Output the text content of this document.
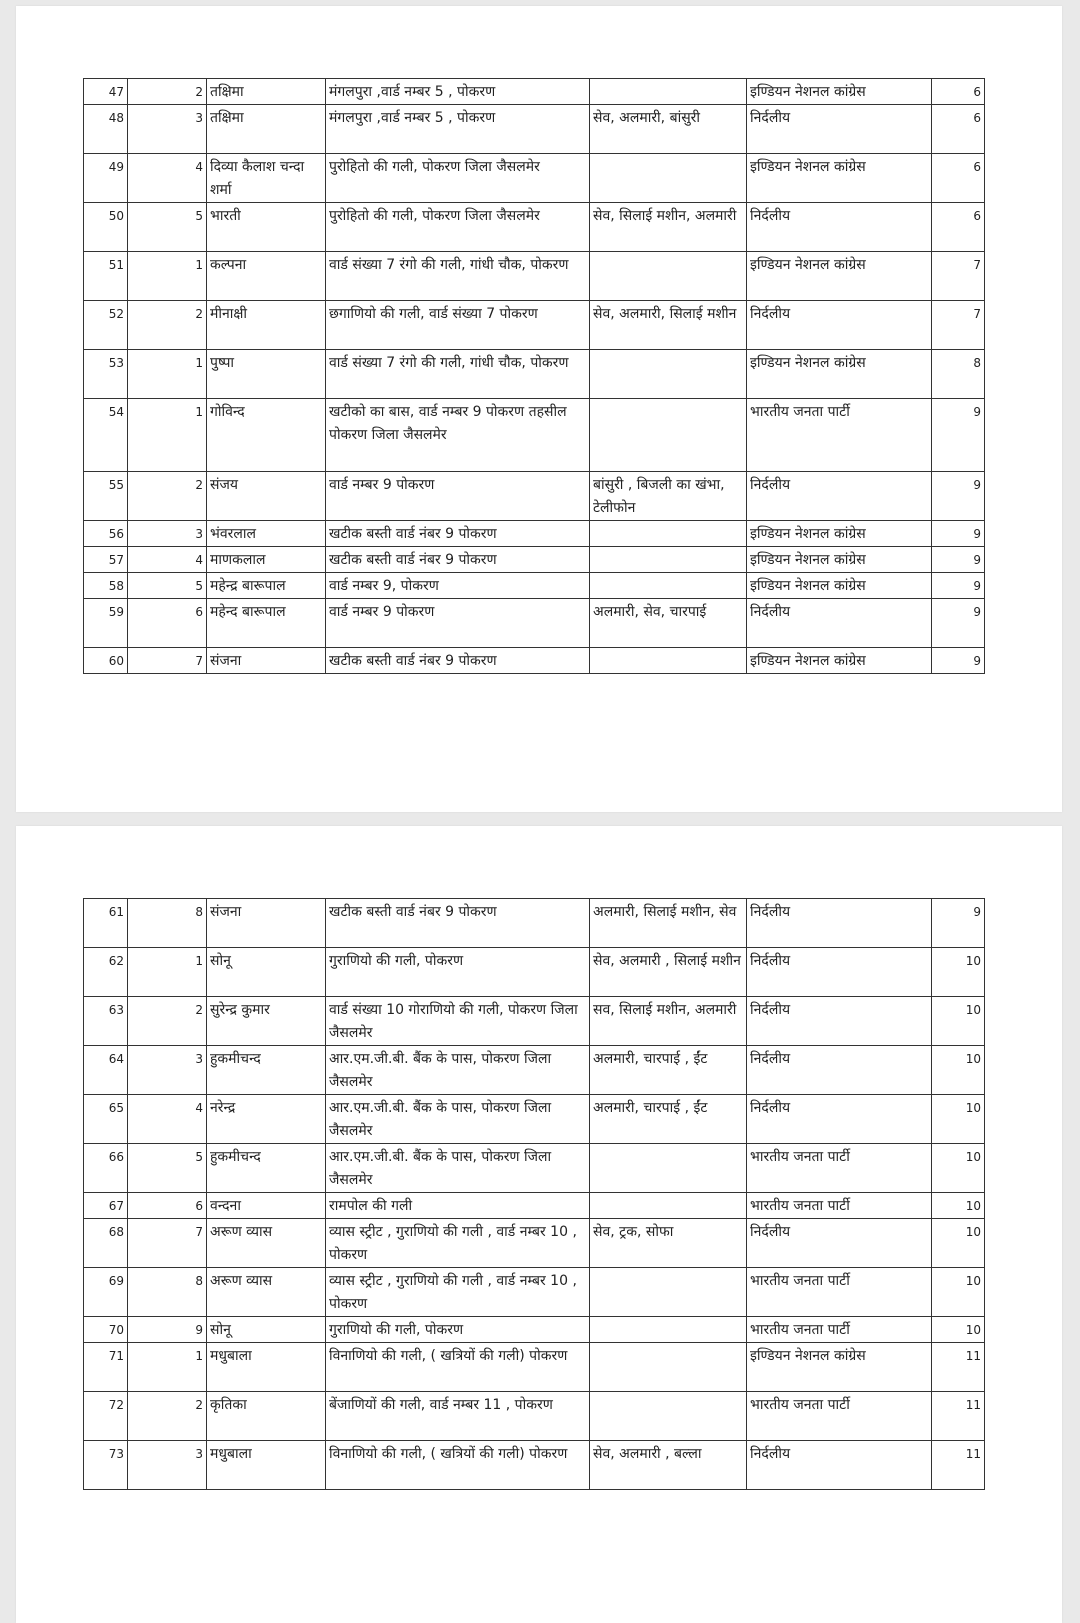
47	2	तक्षिमा	मंगलपुरा ,वार्ड नम्बर 5 , पोकरण		इण्डियन नेशनल कांग्रेस	6
48	3	तक्षिमा	मंगलपुरा ,वार्ड नम्बर 5 , पोकरण	सेव, अलमारी, बांसुरी	निर्दलीय	6
49	4	दिव्या कैलाश चन्दा शर्मा	पुरोहितो की गली, पोकरण जिला जैसलमेर		इण्डियन नेशनल कांग्रेस	6
50	5	भारती	पुरोहितो की गली, पोकरण जिला जैसलमेर	सेव, सिलाई मशीन, अलमारी	निर्दलीय	6
51	1	कल्पना	वार्ड संख्या 7 रंगो की गली, गांधी चौक, पोकरण		इण्डियन नेशनल कांग्रेस	7
52	2	मीनाक्षी	छगाणियो की गली, वार्ड संख्या 7 पोकरण	सेव, अलमारी, सिलाई मशीन	निर्दलीय	7
53	1	पुष्पा	वार्ड संख्या 7 रंगो की गली, गांधी चौक, पोकरण		इण्डियन नेशनल कांग्रेस	8
54	1	गोविन्द	खटीको का बास, वार्ड नम्बर 9 पोकरण तहसील पोकरण जिला जैसलमेर		भारतीय जनता पार्टी	9
55	2	संजय	वार्ड नम्बर 9 पोकरण	बांसुरी , बिजली का खंभा, टेलीफोन	निर्दलीय	9
56	3	भंवरलाल	खटीक बस्ती वार्ड नंबर 9 पोकरण		इण्डियन नेशनल कांग्रेस	9
57	4	माणकलाल	खटीक बस्ती वार्ड नंबर 9 पोकरण		इण्डियन नेशनल कांग्रेस	9
58	5	महेन्द्र बारूपाल	वार्ड नम्बर 9, पोकरण		इण्डियन नेशनल कांग्रेस	9
59	6	महेन्द बारूपाल	वार्ड नम्बर 9 पोकरण	अलमारी, सेव, चारपाई	निर्दलीय	9
60	7	संजना	खटीक बस्ती वार्ड नंबर 9 पोकरण		इण्डियन नेशनल कांग्रेस	9
61	8	संजना	खटीक बस्ती वार्ड नंबर 9 पोकरण	अलमारी, सिलाई मशीन, सेव	निर्दलीय	9
62	1	सोनू	गुराणियो की गली, पोकरण	सेव, अलमारी , सिलाई मशीन	निर्दलीय	10
63	2	सुरेन्द्र कुमार	वार्ड संख्या 10 गोराणियो की गली, पोकरण जिला जैसलमेर	सव, सिलाई मशीन, अलमारी	निर्दलीय	10
64	3	हुकमीचन्द	आर.एम.जी.बी. बैंक के पास, पोकरण जिला जैसलमेर	अलमारी, चारपाई , ईंट	निर्दलीय	10
65	4	नरेन्द्र	आर.एम.जी.बी. बैंक के पास, पोकरण जिला जैसलमेर	अलमारी, चारपाई , ईंट	निर्दलीय	10
66	5	हुकमीचन्द	आर.एम.जी.बी. बैंक के पास, पोकरण जिला जैसलमेर		भारतीय जनता पार्टी	10
67	6	वन्दना	रामपोल की गली		भारतीय जनता पार्टी	10
68	7	अरूण व्यास	व्यास स्ट्रीट , गुराणियो की गली , वार्ड नम्बर 10 , पोकरण	सेव, ट्रक, सोफा	निर्दलीय	10
69	8	अरूण व्यास	व्यास स्ट्रीट , गुराणियो की गली , वार्ड नम्बर 10 , पोकरण		भारतीय जनता पार्टी	10
70	9	सोनू	गुराणियो की गली, पोकरण		भारतीय जनता पार्टी	10
71	1	मधुबाला	विनाणियो की गली, ( खत्रियों की गली) पोकरण		इण्डियन नेशनल कांग्रेस	11
72	2	कृतिका	बेंजाणियों की गली, वार्ड नम्बर 11 , पोकरण		भारतीय जनता पार्टी	11
73	3	मधुबाला	विनाणियो की गली, ( खत्रियों की गली) पोकरण	सेव, अलमारी , बल्ला	निर्दलीय	11
